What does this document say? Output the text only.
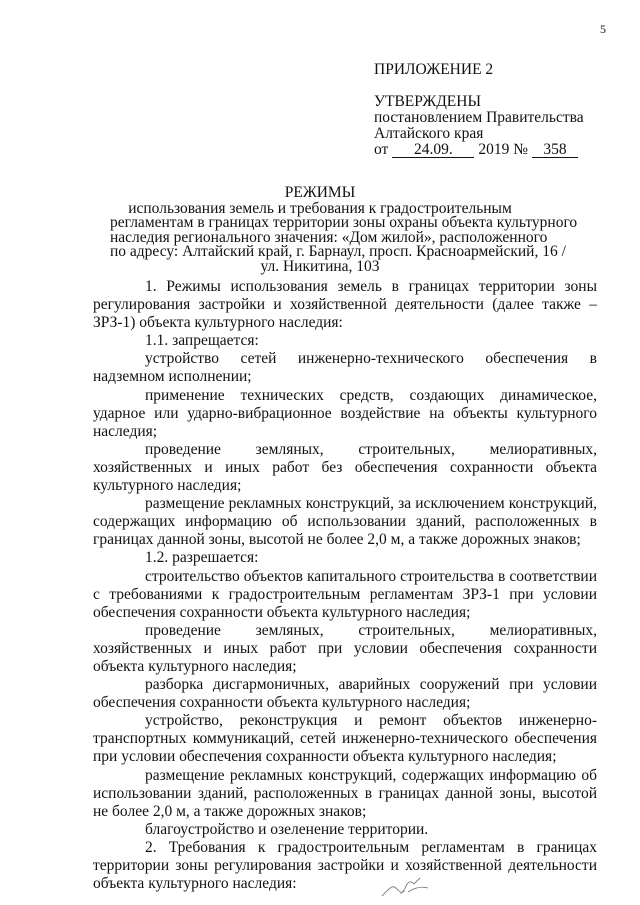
5
ПРИЛОЖЕНИЕ 2
УТВЕРЖДЕНЫ
постановлением Правительства
Алтайского края
от 24.09. 2019 № 358
РЕЖИМЫ
использования земель и требования к градостроительным
регламентам в границах территории зоны охраны объекта культурного
наследия регионального значения: «Дом жилой», расположенного
по адресу: Алтайский край, г. Барнаул, просп. Красноармейский, 16 /
ул. Никитина, 103

1. Режимы использования земель в границах территории зоны регулирования застройки и хозяйственной деятельности (далее также – ЗРЗ-1) объекта культурного наследия:

1.1. запрещается:

устройство сетей инженерно-технического обеспечения в надземном исполнении;

применение технических средств, создающих динамическое, ударное или ударно-вибрационное воздействие на объекты культурного наследия;

проведение земляных, строительных, мелиоративных, хозяйственных и иных работ без обеспечения сохранности объекта культурного наследия;

размещение рекламных конструкций, за исключением конструкций, содержащих информацию об использовании зданий, расположенных в границах данной зоны, высотой не более 2,0 м, а также дорожных знаков;

1.2. разрешается:

строительство объектов капитального строительства в соответствии с требованиями к градостроительным регламентам ЗРЗ-1 при условии обеспечения сохранности объекта культурного наследия;

проведение земляных, строительных, мелиоративных, хозяйственных и иных работ при условии обеспечения сохранности объекта культурного наследия;

разборка дисгармоничных, аварийных сооружений при условии обеспечения сохранности объекта культурного наследия;

устройство, реконструкция и ремонт объектов инженерно-транспортных коммуникаций, сетей инженерно-технического обеспечения при условии обеспечения сохранности объекта культурного наследия;

размещение рекламных конструкций, содержащих информацию об использовании зданий, расположенных в границах данной зоны, высотой не более 2,0 м, а также дорожных знаков;

благоустройство и озеленение территории.

2. Требования к градостроительным регламентам в границах территории зоны регулирования застройки и хозяйственной деятельности объекта культурного наследия:
